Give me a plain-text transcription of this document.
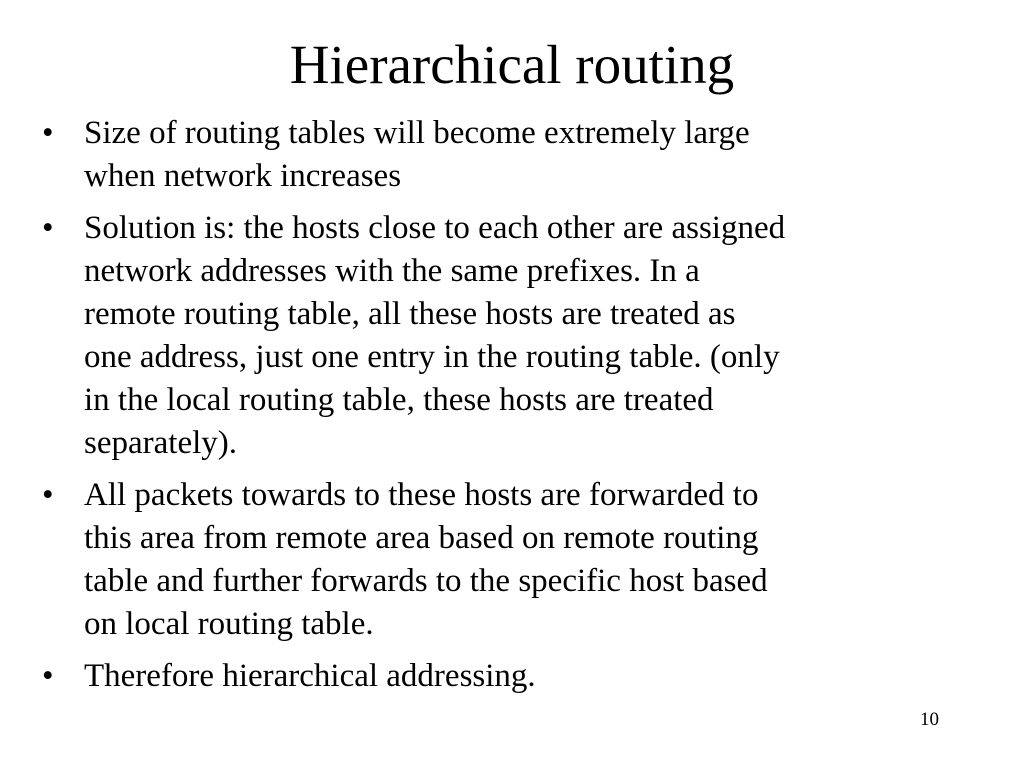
Hierarchical routing
• Size of routing tables will become extremely large
when network increases
• Solution is: the hosts close to each other are assigned
network addresses with the same prefixes. In a
remote routing table, all these hosts are treated as
one address, just one entry in the routing table. (only
in the local routing table, these hosts are treated
separately).
• All packets towards to these hosts are forwarded to
this area from remote area based on remote routing
table and further forwards to the specific host based
on local routing table.
• Therefore hierarchical addressing.
10
